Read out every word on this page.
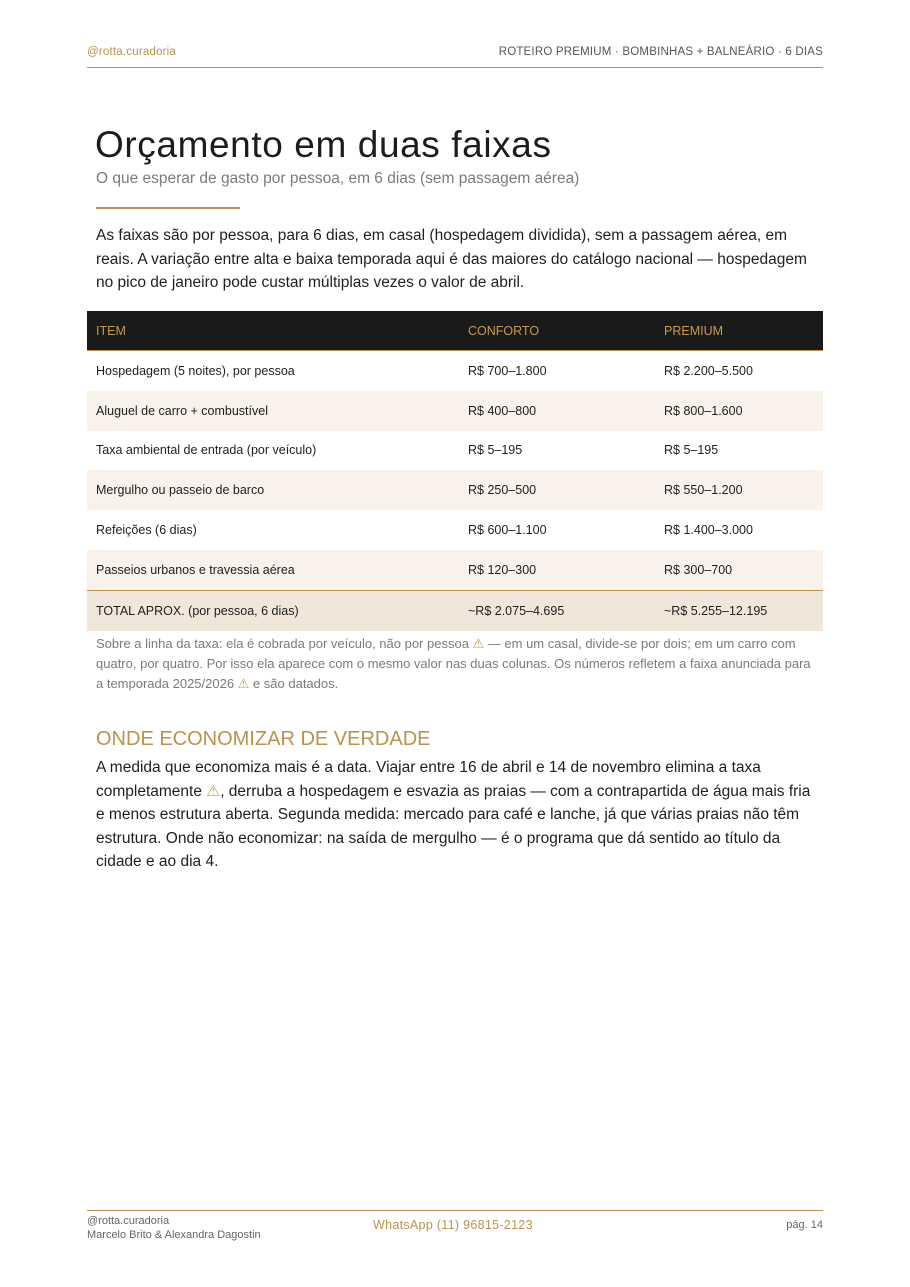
@rotta.curadoria	ROTEIRO PREMIUM · BOMBINHAS + BALNEÁRIO · 6 DIAS
Orçamento em duas faixas
O que esperar de gasto por pessoa, em 6 dias (sem passagem aérea)

As faixas são por pessoa, para 6 dias, em casal (hospedagem dividida), sem a passagem aérea, em reais. A variação entre alta e baixa temporada aqui é das maiores do catálogo nacional — hospedagem no pico de janeiro pode custar múltiplas vezes o valor de abril.

ITEM	CONFORTO	PREMIUM
Hospedagem (5 noites), por pessoa	R$ 700–1.800	R$ 2.200–5.500
Aluguel de carro + combustível	R$ 400–800	R$ 800–1.600
Taxa ambiental de entrada (por veículo)	R$ 5–195	R$ 5–195
Mergulho ou passeio de barco	R$ 250–500	R$ 550–1.200
Refeições (6 dias)	R$ 600–1.100	R$ 1.400–3.000
Passeios urbanos e travessia aérea	R$ 120–300	R$ 300–700
TOTAL APROX. (por pessoa, 6 dias)	~R$ 2.075–4.695	~R$ 5.255–12.195

Sobre a linha da taxa: ela é cobrada por veículo, não por pessoa ⚠ — em um casal, divide-se por dois; em um carro com quatro, por quatro. Por isso ela aparece com o mesmo valor nas duas colunas. Os números refletem a faixa anunciada para a temporada 2025/2026 ⚠ e são datados.

ONDE ECONOMIZAR DE VERDADE

A medida que economiza mais é a data. Viajar entre 16 de abril e 14 de novembro elimina a taxa completamente ⚠, derruba a hospedagem e esvazia as praias — com a contrapartida de água mais fria e menos estrutura aberta. Segunda medida: mercado para café e lanche, já que várias praias não têm estrutura. Onde não economizar: na saída de mergulho — é o programa que dá sentido ao título da cidade e ao dia 4.

@rotta.curadoria
Marcelo Brito & Alexandra Dagostin
WhatsApp (11) 96815-2123	pág. 14
